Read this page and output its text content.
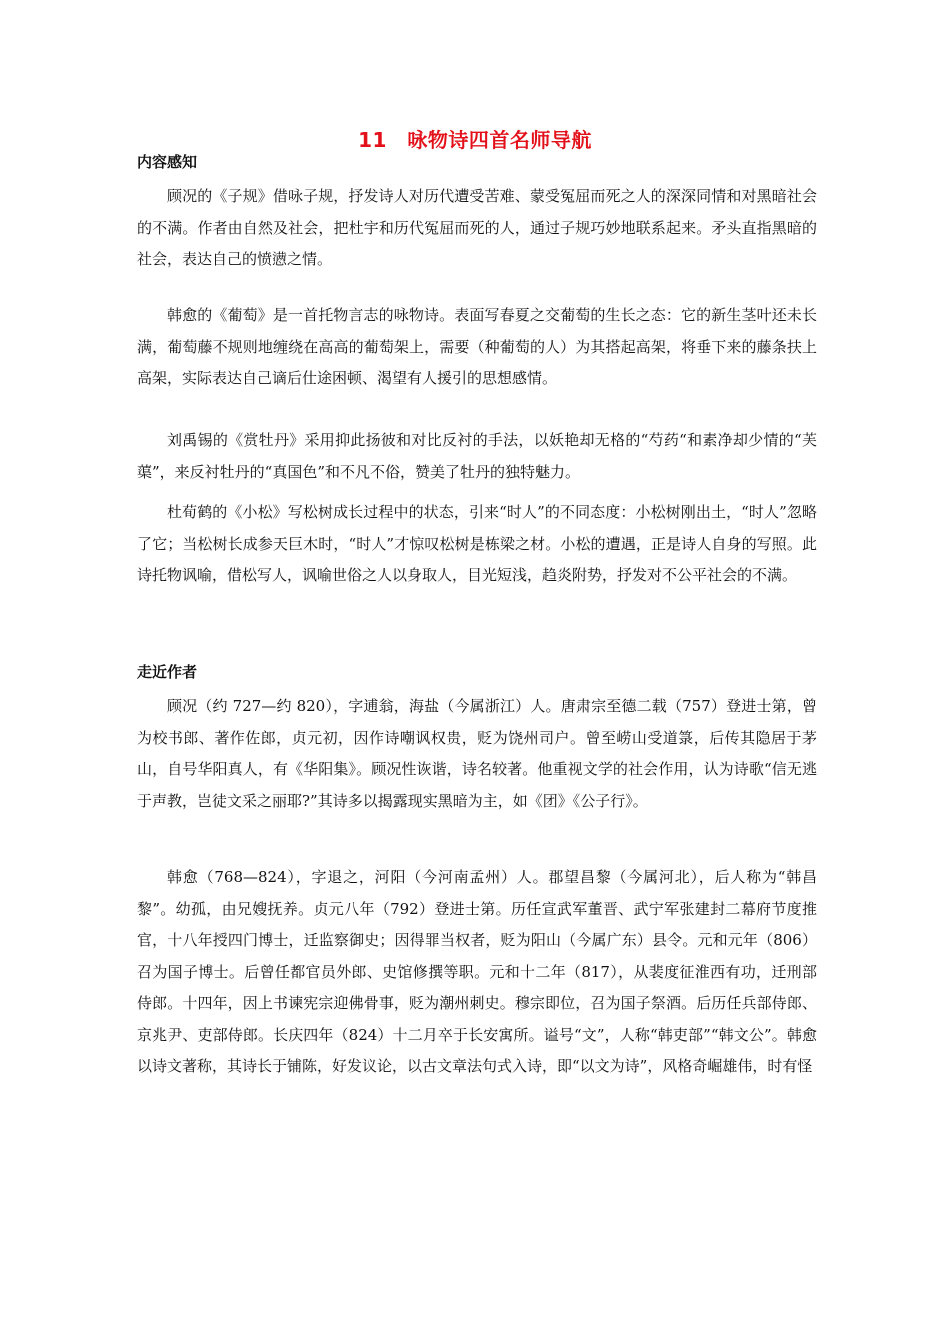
11　咏物诗四首名师导航
内容感知
顾况的《子规》借咏子规，抒发诗人对历代遭受苦难、蒙受冤屈而死之人的深深同情和对黑暗社会的不满。作者由自然及社会，把杜宇和历代冤屈而死的人，通过子规巧妙地联系起来。矛头直指黑暗的社会，表达自己的愤懑之情。
韩愈的《葡萄》是一首托物言志的咏物诗。表面写春夏之交葡萄的生长之态：它的新生茎叶还未长满，葡萄藤不规则地缠绕在高高的葡萄架上，需要（种葡萄的人）为其搭起高架，将垂下来的藤条扶上高架，实际表达自己谪后仕途困顿、渴望有人援引的思想感情。
刘禹锡的《赏牡丹》采用抑此扬彼和对比反衬的手法，以妖艳却无格的“芍药“和素净却少情的“芙蕖”，来反衬牡丹的“真国色”和不凡不俗，赞美了牡丹的独特魅力。
杜荀鹤的《小松》写松树成长过程中的状态，引来“时人”的不同态度：小松树刚出土，“时人”忽略了它；当松树长成参天巨木时，“时人”才惊叹松树是栋梁之材。小松的遭遇，正是诗人自身的写照。此诗托物讽喻，借松写人，讽喻世俗之人以身取人，目光短浅，趋炎附势，抒发对不公平社会的不满。
走近作者
顾况（约 727—约 820），字逋翁，海盐（今属浙江）人。唐肃宗至德二载（757）登进士第，曾为校书郎、著作佐郎，贞元初，因作诗嘲讽权贵，贬为饶州司户。曾至崂山受道箓，后传其隐居于茅山，自号华阳真人，有《华阳集》。顾况性诙谐，诗名较著。他重视文学的社会作用，认为诗歌“信无逃于声教，岂徒文采之丽耶?”其诗多以揭露现实黑暗为主，如《团》《公子行》。
韩愈（768—824），字退之，河阳（今河南孟州）人。郡望昌黎（今属河北），后人称为“韩昌黎”。幼孤，由兄嫂抚养。贞元八年（792）登进士第。历任宣武军董晋、武宁军张建封二幕府节度推官，十八年授四门博士，迁监察御史；因得罪当权者，贬为阳山（今属广东）县令。元和元年（806）召为国子博士。后曾任都官员外郎、史馆修撰等职。元和十二年（817），从裴度征淮西有功，迁刑部侍郎。十四年，因上书谏宪宗迎佛骨事，贬为潮州刺史。穆宗即位，召为国子祭酒。后历任兵部侍郎、京兆尹、吏部侍郎。长庆四年（824）十二月卒于长安寓所。谥号“文”，人称“韩吏部”“韩文公”。韩愈以诗文著称，其诗长于铺陈，好发议论，以古文章法句式入诗，即“以文为诗”，风格奇崛雄伟，时有怪
